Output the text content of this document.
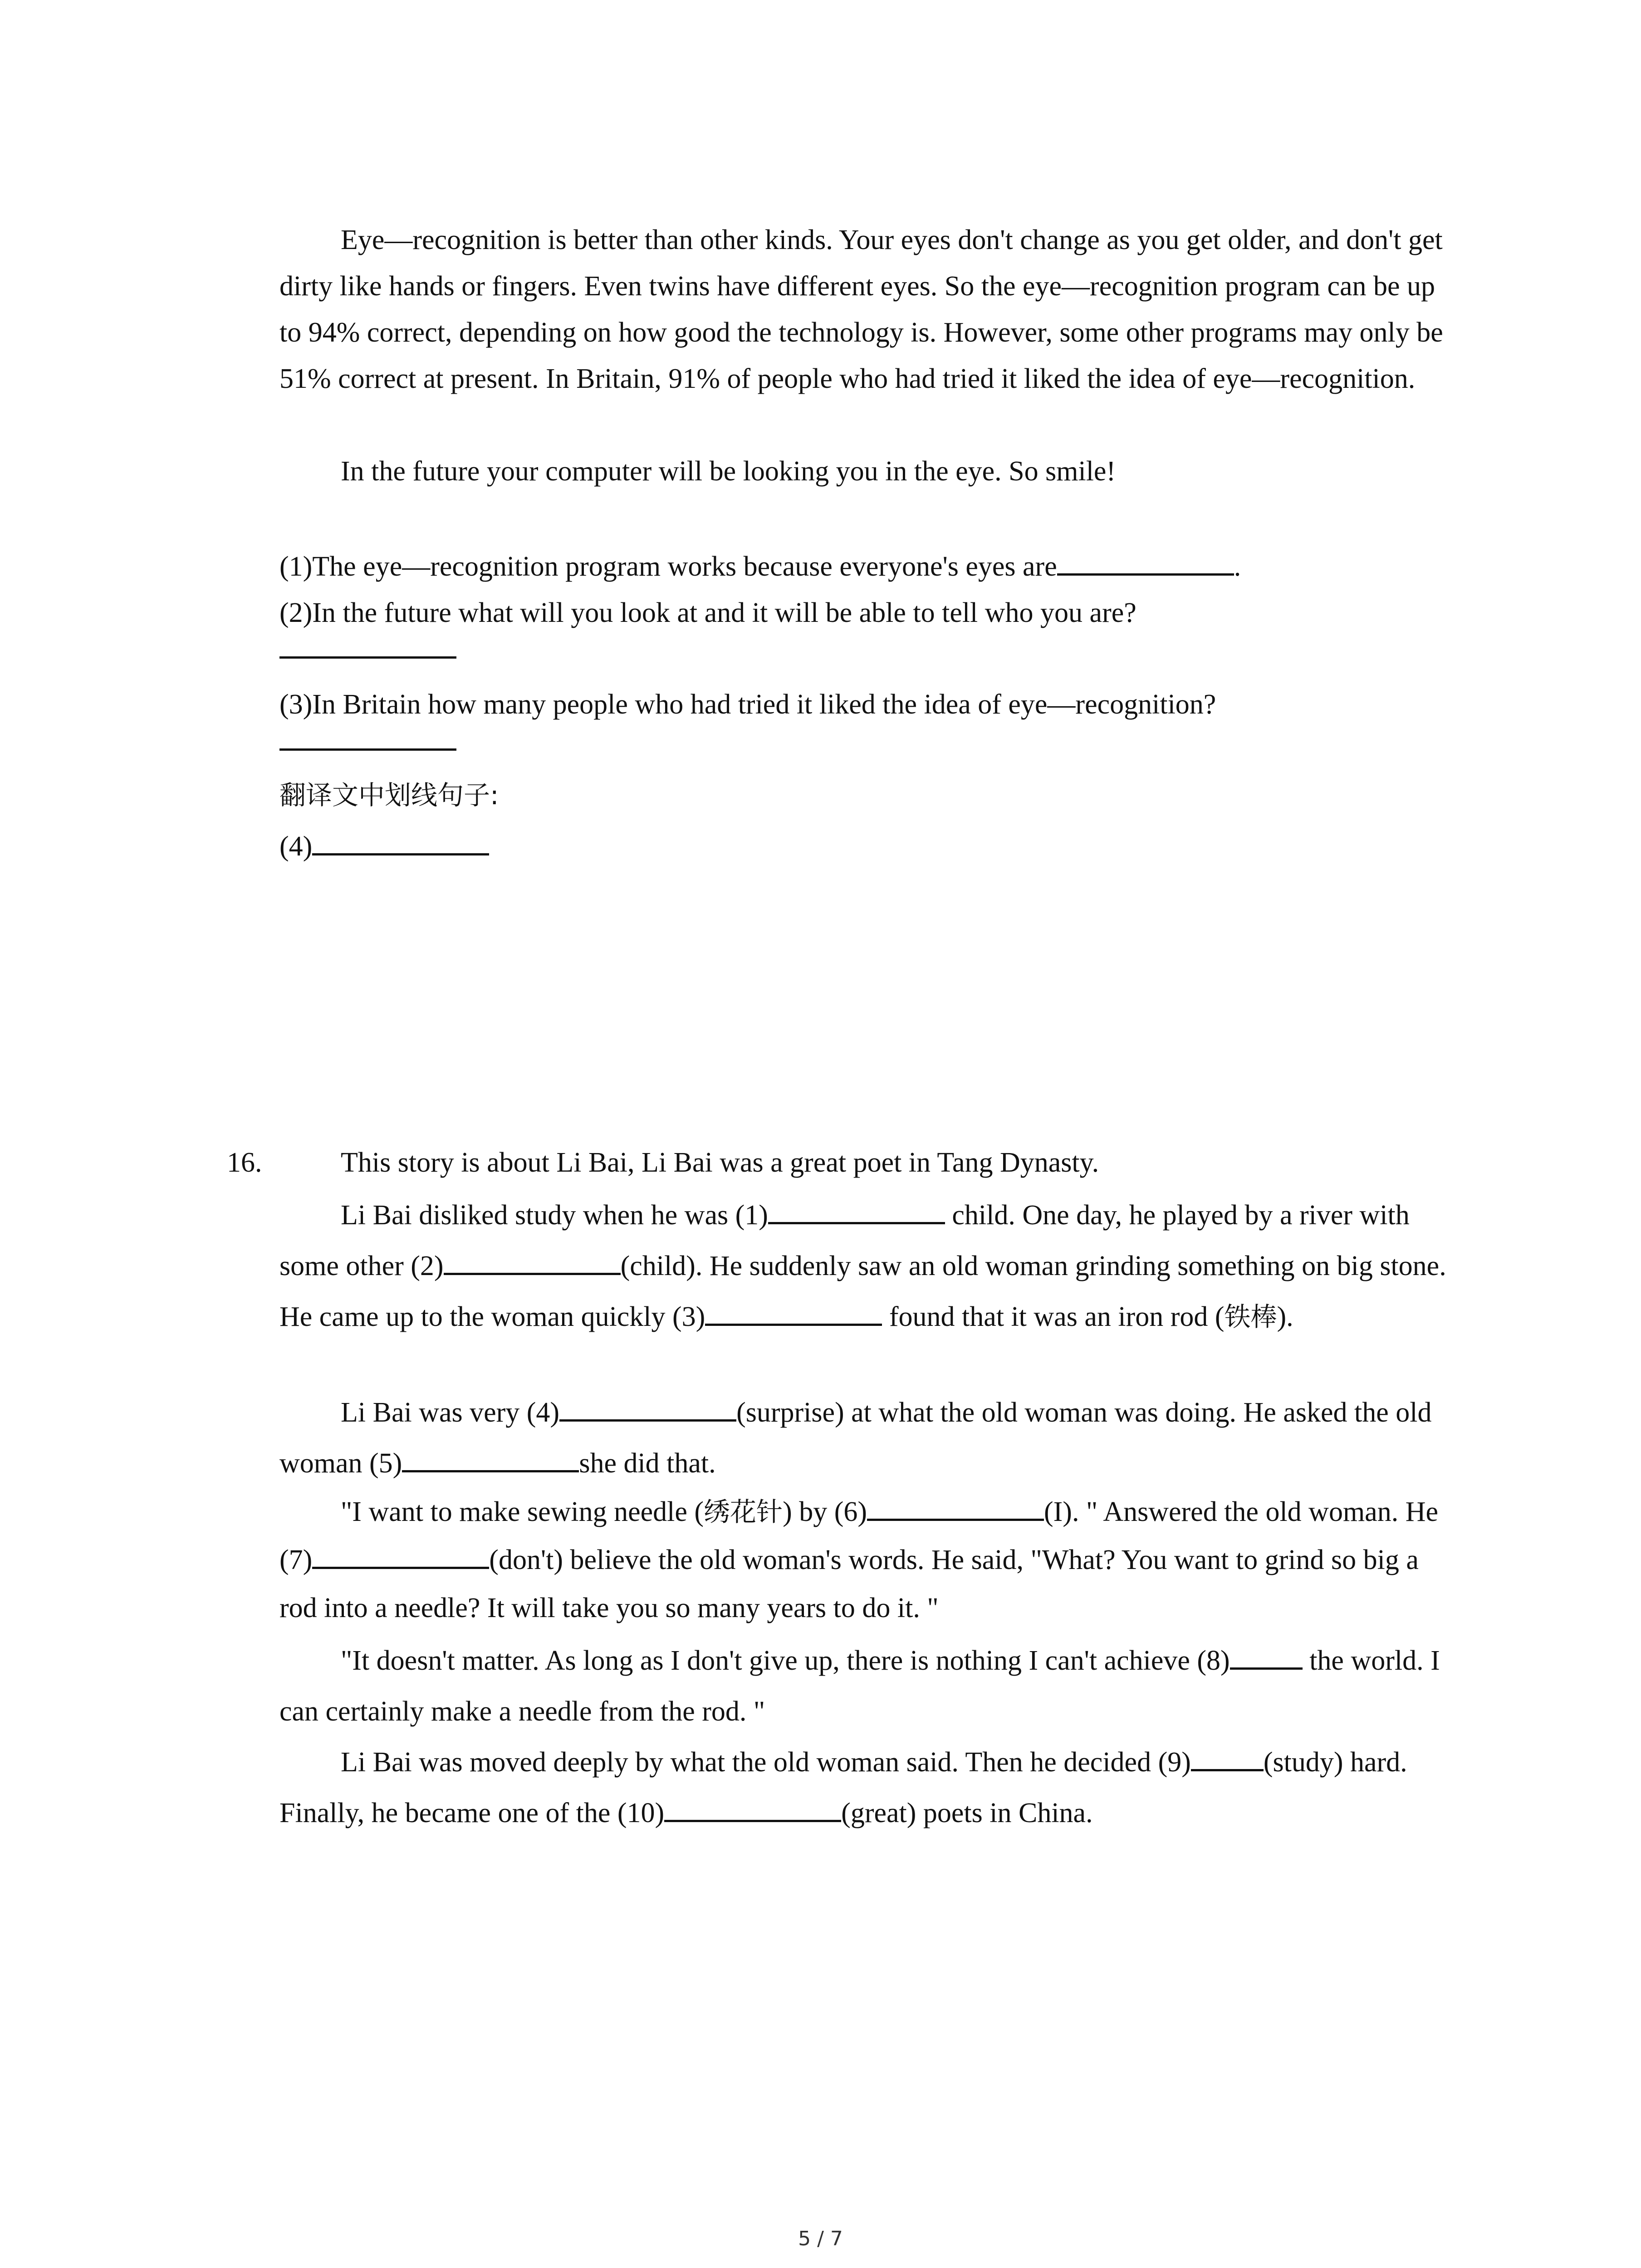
Eye—recognition is better than other kinds. Your eyes don't change as you get older, and don't get dirty like hands or fingers. Even twins have different eyes. So the eye—recognition program can be up to 94% correct, depending on how good the technology is. However, some other programs may only be 51% correct at present. In Britain, 91% of people who had tried it liked the idea of eye—recognition.

In the future your computer will be looking you in the eye. So smile!

(1)The eye—recognition program works because everyone's eyes are	.
(2)In the future what will you look at and it will be able to tell who you are?
(3)In Britain how many people who had tried it liked the idea of eye—recognition?
翻译文中划线句子:
(4)
16.	This story is about Li Bai, Li Bai was a great poet in Tang Dynasty.

Li Bai disliked study when he was (1)	child. One day, he played by a river with some other (2)	(child). He suddenly saw an old woman grinding something on big stone. He came up to the woman quickly (3)	found that it was an iron rod (铁棒).

Li Bai was very (4)	(surprise) at what the old woman was doing. He asked the old woman (5)	she did that.

"I want to make sewing needle (绣花针) by (6)	(I). " Answered the old woman. He (7)	(don't) believe the old woman's words. He said, "What? You want to grind so big a rod into a needle? It will take you so many years to do it. "

"It doesn't matter. As long as I don't give up, there is nothing I can't achieve (8)	the world. I can certainly make a needle from the rod. "

Li Bai was moved deeply by what the old woman said. Then he decided (9)	(study) hard. Finally, he became one of the (10)	(great) poets in China.

5 / 7
